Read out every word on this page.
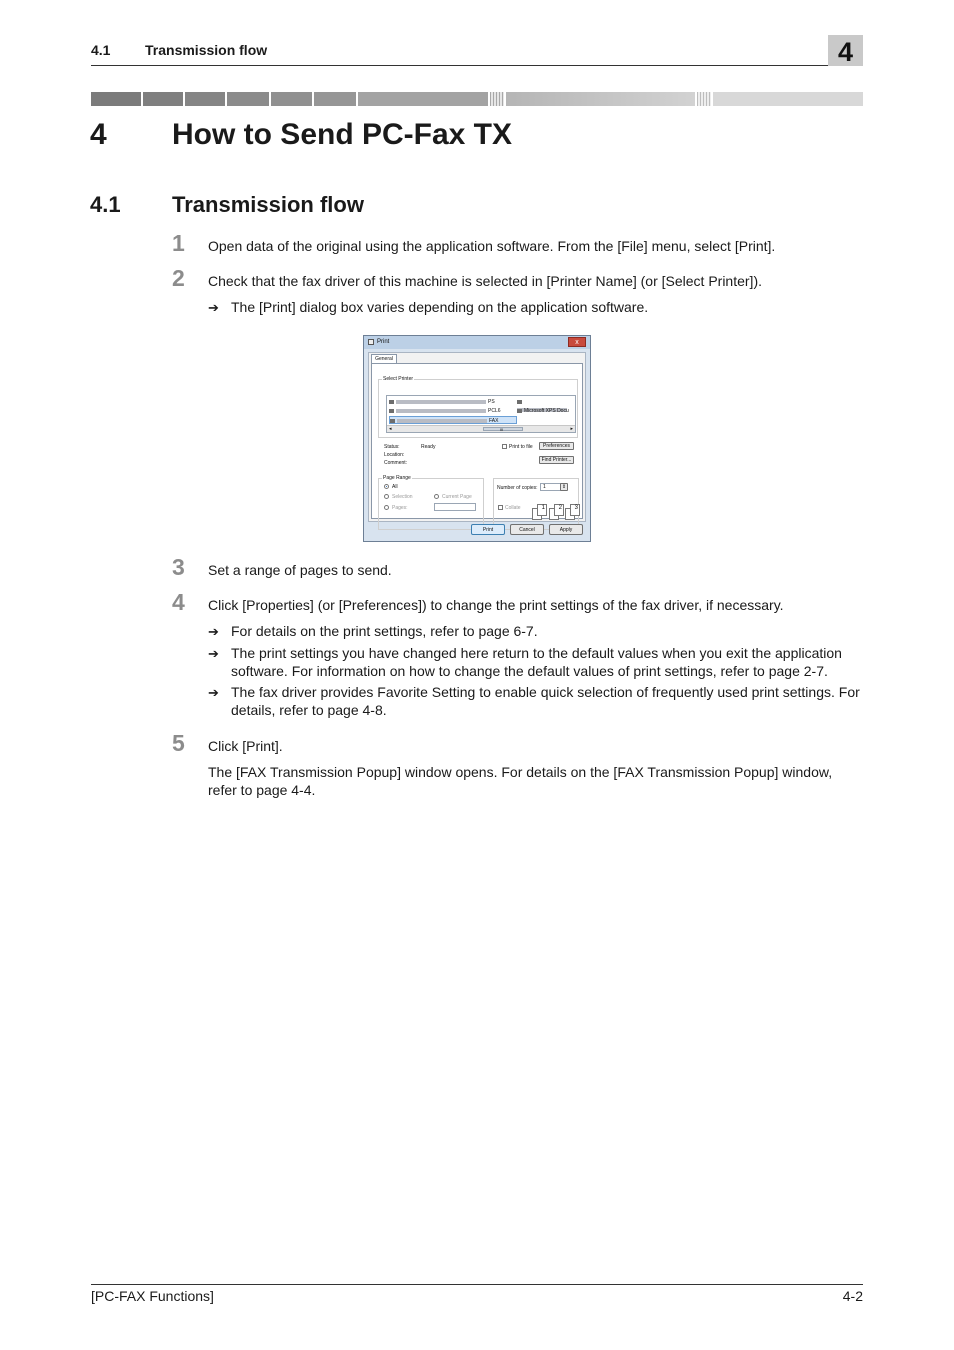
4.1 Transmission flow	4
4 How to Send PC-Fax TX
4.1 Transmission flow
1 Open data of the original using the application software. From the [File] menu, select [Print].
2 Check that the fax driver of this machine is selected in [Printer Name] (or [Select Printer]).
➔ The [Print] dialog box varies depending on the application software.
Print	x
General
Select Printer
PS
PCL6
FAX
Microsoft XPS Docu
◂	III	▸
Status:	Ready
Location:
Comment:
Print to file	Preferences
Find Printer...
Page Range
All
Selection	Current Page
Pages:
Number of copies:	1	⇕
Collate	1	2	3
Print	Cancel	Apply
3 Set a range of pages to send.
4 Click [Properties] (or [Preferences]) to change the print settings of the fax driver, if necessary.
➔ For details on the print settings, refer to page 6-7.
➔ The print settings you have changed here return to the default values when you exit the application software. For information on how to change the default values of print settings, refer to page 2-7.
➔ The fax driver provides Favorite Setting to enable quick selection of frequently used print settings. For details, refer to page 4-8.
5 Click [Print].
The [FAX Transmission Popup] window opens. For details on the [FAX Transmission Popup] window, refer to page 4-4.
[PC-FAX Functions]	4-2
